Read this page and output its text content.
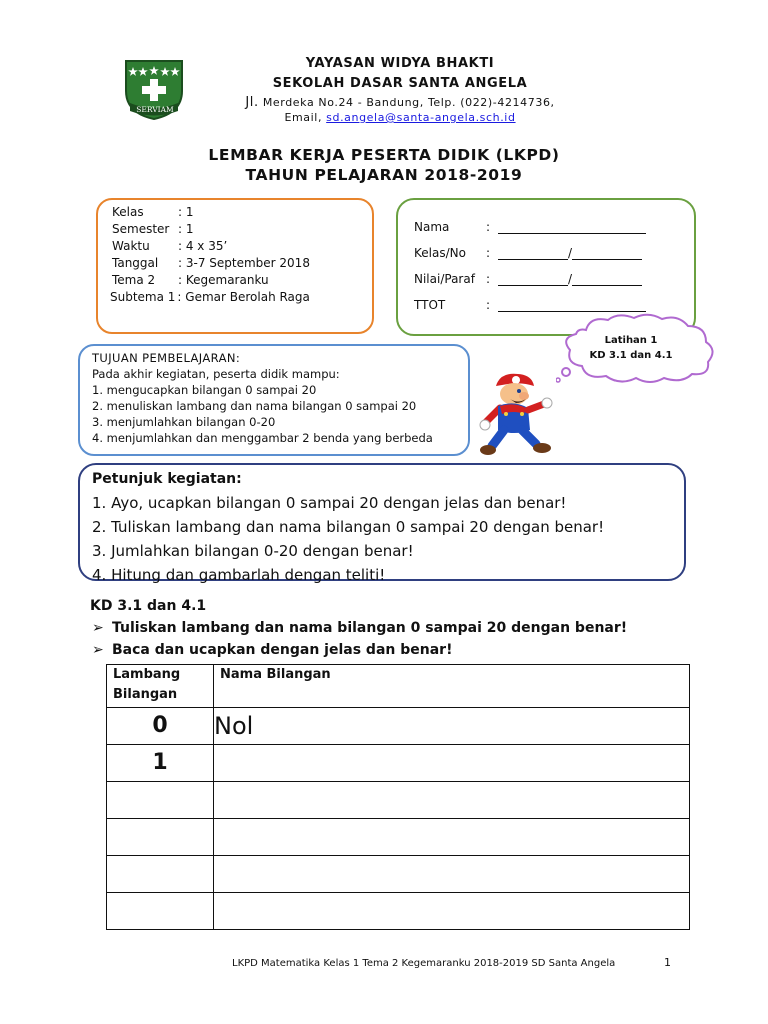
SERVIAM
YAYASAN WIDYA BHAKTI
SEKOLAH DASAR SANTA ANGELA
Jl. Merdeka No.24 - Bandung, Telp. (022)-4214736,
Email, sd.angela@santa-angela.sch.id
LEMBAR KERJA PESERTA DIDIK (LKPD)
TAHUN PELAJARAN 2018-2019
Kelas	: 1
Semester : 1
Waktu	: 4 x 35’
Tanggal	: 3-7 September 2018
Tema 2	: Kegemaranku
Subtema 1 : Gemar Berolah Raga
Nama	:
Kelas/No	:	/
Nilai/Paraf :	/
TTOT	:
Latihan 1
KD 3.1 dan 4.1
TUJUAN PEMBELAJARAN:
Pada akhir kegiatan, peserta didik mampu:
1. mengucapkan bilangan 0 sampai 20
2. menuliskan lambang dan nama bilangan 0 sampai 20
3. menjumlahkan bilangan 0-20
4. menjumlahkan dan menggambar 2 benda yang berbeda
Petunjuk kegiatan:
1. Ayo, ucapkan bilangan 0 sampai 20 dengan jelas dan benar!
2. Tuliskan lambang dan nama bilangan 0 sampai 20 dengan benar!
3. Jumlahkan bilangan 0-20 dengan benar!
4. Hitung dan gambarlah dengan teliti!
KD 3.1 dan 4.1
➢ Tuliskan lambang dan nama bilangan 0 sampai 20 dengan benar!
➢ Baca dan ucapkan dengan jelas dan benar!
Lambang
Bilangan	Nama Bilangan
0	Nol
1	

LKPD Matematika Kelas 1 Tema 2 Kegemaranku 2018-2019 SD Santa Angela	1
